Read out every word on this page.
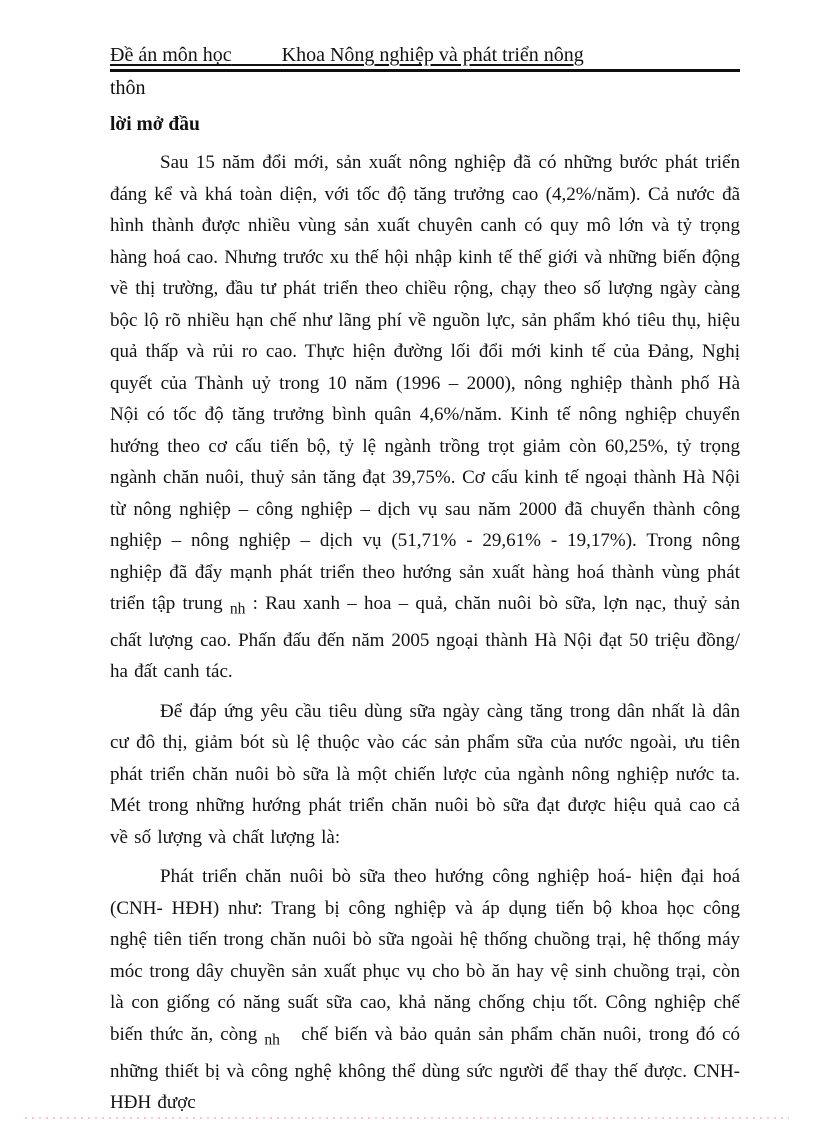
Đề án môn học	Khoa Nông nghiệp và phát triển nông
thôn
lời mở đầu

Sau 15 năm đổi mới, sản xuất nông nghiệp đã có những bước phát triển đáng kể và khá toàn diện, với tốc độ tăng trưởng cao (4,2%/năm). Cả nước đã hình thành được nhiều vùng sản xuất chuyên canh có quy mô lớn và tỷ trọng hàng hoá cao. Nhưng trước xu thế hội nhập kinh tế thế giới và những biến động về thị trường, đầu tư phát triển theo chiều rộng, chạy theo số lượng ngày càng bộc lộ rõ nhiều hạn chế như lãng phí về nguồn lực, sản phẩm khó tiêu thụ, hiệu quả thấp và rủi ro cao. Thực hiện đường lối đổi mới kinh tế của Đảng, Nghị quyết của Thành uỷ trong 10 năm (1996 – 2000), nông nghiệp thành phố Hà Nội có tốc độ tăng trưởng bình quân 4,6%/năm. Kinh tế nông nghiệp chuyển hướng theo cơ cấu tiến bộ, tỷ lệ ngành trồng trọt giảm còn 60,25%, tỷ trọng ngành chăn nuôi, thuỷ sản tăng đạt 39,75%. Cơ cấu kinh tế ngoại thành Hà Nội từ nông nghiệp – công nghiệp – dịch vụ sau năm 2000 đã chuyển thành công nghiệp – nông nghiệp – dịch vụ (51,71% - 29,61% - 19,17%). Trong nông nghiệp đã đẩy mạnh phát triển theo hướng sản xuất hàng hoá thành vùng phát triển tập trung $_{nh}$ : Rau xanh – hoa – quả, chăn nuôi bò sữa, lợn nạc, thuỷ sản chất lượng cao. Phấn đấu đến năm 2005 ngoại thành Hà Nội đạt 50 triệu đồng/ ha đất canh tác.

Để đáp ứng yêu cầu tiêu dùng sữa ngày càng tăng trong dân nhất là dân cư đô thị, giảm bót sù lệ thuộc vào các sản phẩm sữa của nước ngoài, ưu tiên phát triển chăn nuôi bò sữa là một chiến lược của ngành nông nghiệp nước ta. Mét trong những hướng phát triển chăn nuôi bò sữa đạt được hiệu quả cao cả về số lượng và chất lượng là:

Phát triển chăn nuôi bò sữa theo hướng công nghiệp hoá- hiện đại hoá (CNH- HĐH) như: Trang bị công nghiệp và áp dụng tiến bộ khoa học công nghệ tiên tiến trong chăn nuôi bò sữa ngoài hệ thống chuồng trại, hệ thống máy móc trong dây chuyền sản xuất phục vụ cho bò ăn hay vệ sinh chuồng trại, còn là con giống có năng suất sữa cao, khả năng chống chịu tốt. Công nghiệp chế biến thức ăn, còng $_{nh}$   chế biến và bảo quản sản phẩm chăn nuôi, trong đó có những thiết bị và công nghệ không thể dùng sức người để thay thế được. CNH- HĐH được
